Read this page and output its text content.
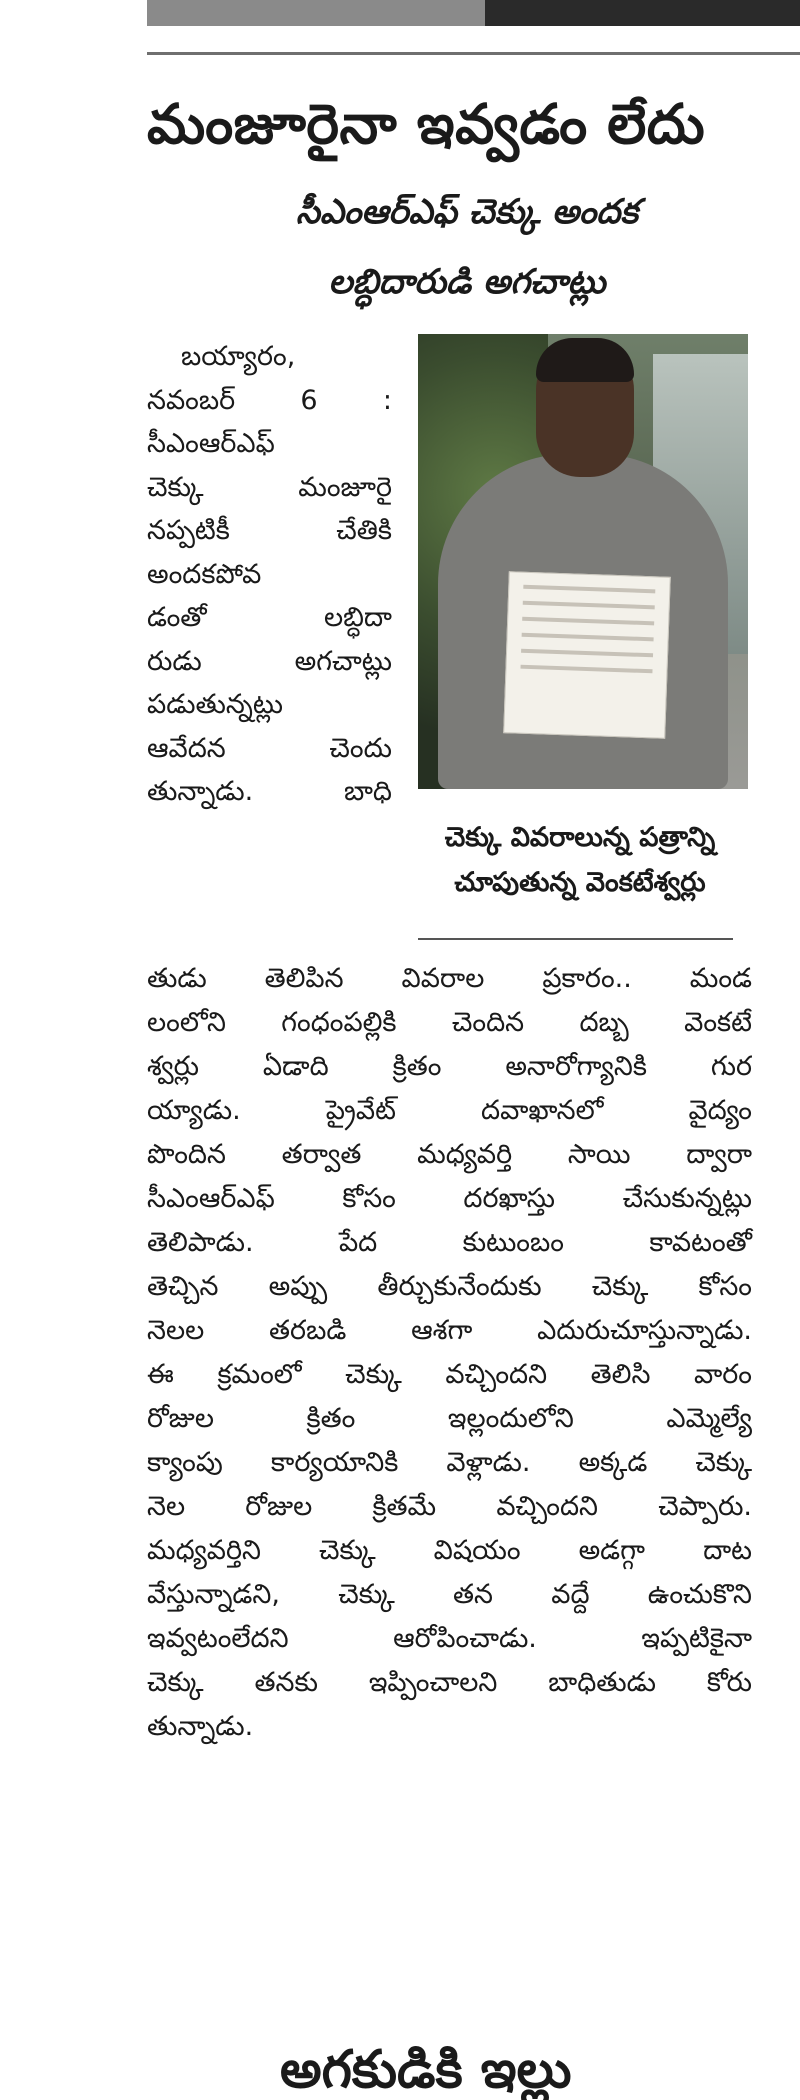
మంజూరైనా ఇవ్వడం లేదు
సీఎంఆర్ఎఫ్ చెక్కు అందక
లబ్ధిదారుడి అగచాట్లు
బయ్యారం,
నవంబర్ 6 :
సీఎంఆర్ఎఫ్
చెక్కు మంజూరై
నప్పటికీ చేతికి
అందకపోవ
డంతో లబ్ధిదా
రుడు అగచాట్లు
పడుతున్నట్లు
ఆవేదన చెందు
తున్నాడు. బాధి
చెక్కు వివరాలున్న పత్రాన్ని
చూపుతున్న వెంకటేశ్వర్లు
తుడు తెలిపిన వివరాల ప్రకారం.. మండ
లంలోని గంధంపల్లికి చెందిన దబ్బ వెంకటే
శ్వర్లు ఏడాది క్రితం అనారోగ్యానికి గుర
య్యాడు. ప్రైవేట్ దవాఖానలో వైద్యం
పొందిన తర్వాత మధ్యవర్తి సాయి ద్వారా
సీఎంఆర్ఎఫ్ కోసం దరఖాస్తు చేసుకున్నట్లు
తెలిపాడు. పేద కుటుంబం కావటంతో
తెచ్చిన అప్పు తీర్చుకునేందుకు చెక్కు కోసం
నెలల తరబడి ఆశగా ఎదురుచూస్తున్నాడు.
ఈ క్రమంలో చెక్కు వచ్చిందని తెలిసి వారం
రోజుల క్రితం ఇల్లందులోని ఎమ్మెల్యే
క్యాంపు కార్యయానికి వెళ్లాడు. అక్కడ చెక్కు
నెల రోజుల క్రితమే వచ్చిందని చెప్పారు.
మధ్యవర్తిని చెక్కు విషయం అడగ్గా దాట
వేస్తున్నాడని, చెక్కు తన వద్దే ఉంచుకొని
ఇవ్వటంలేదని ఆరోపించాడు. ఇప్పటికైనా
చెక్కు తనకు ఇప్పించాలని బాధితుడు కోరు
తున్నాడు.
అగకుడికి ఇల్లు
